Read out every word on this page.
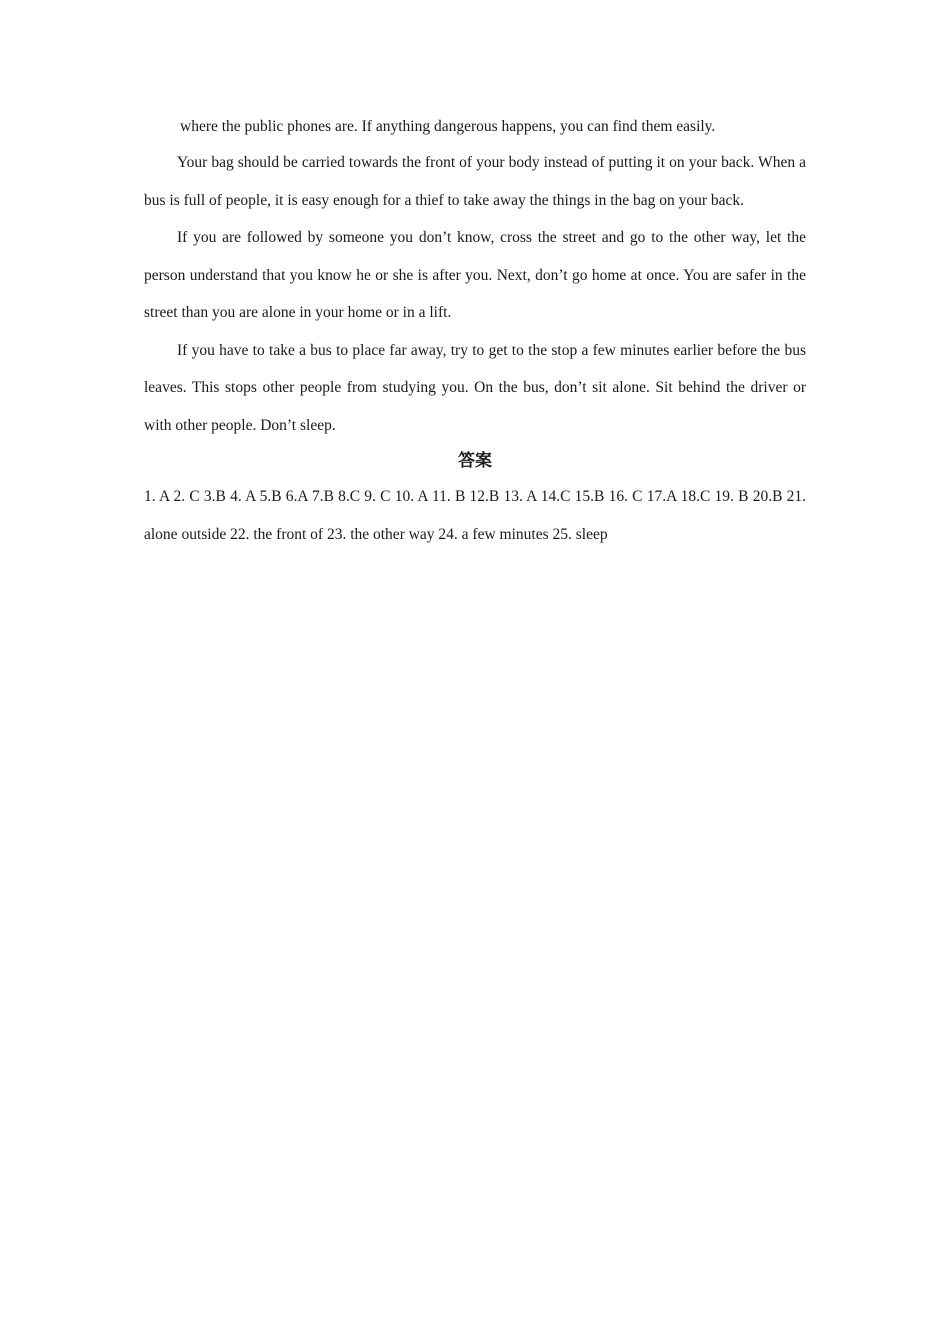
where the public phones are. If anything dangerous happens, you can find them easily.

Your bag should be carried towards the front of your body instead of putting it on your back. When a bus is full of people, it is easy enough for a thief to take away the things in the bag on your back.

If you are followed by someone you don’t know, cross the street and go to the other way, let the person understand that you know he or she is after you. Next, don’t go home at once. You are safer in the street than you are alone in your home or in a lift.

If you have to take a bus to place far away, try to get to the stop a few minutes earlier before the bus leaves. This stops other people from studying you. On the bus, don’t sit alone. Sit behind the driver or with other people. Don’t sleep.

答案

1. A 2. C 3.B 4. A 5.B 6.A 7.B 8.C 9. C 10. A 11. B 12.B 13. A 14.C 15.B 16. C 17.A 18.C 19. B 20.B 21. alone outside 22. the front of 23. the other way 24. a few minutes 25. sleep
